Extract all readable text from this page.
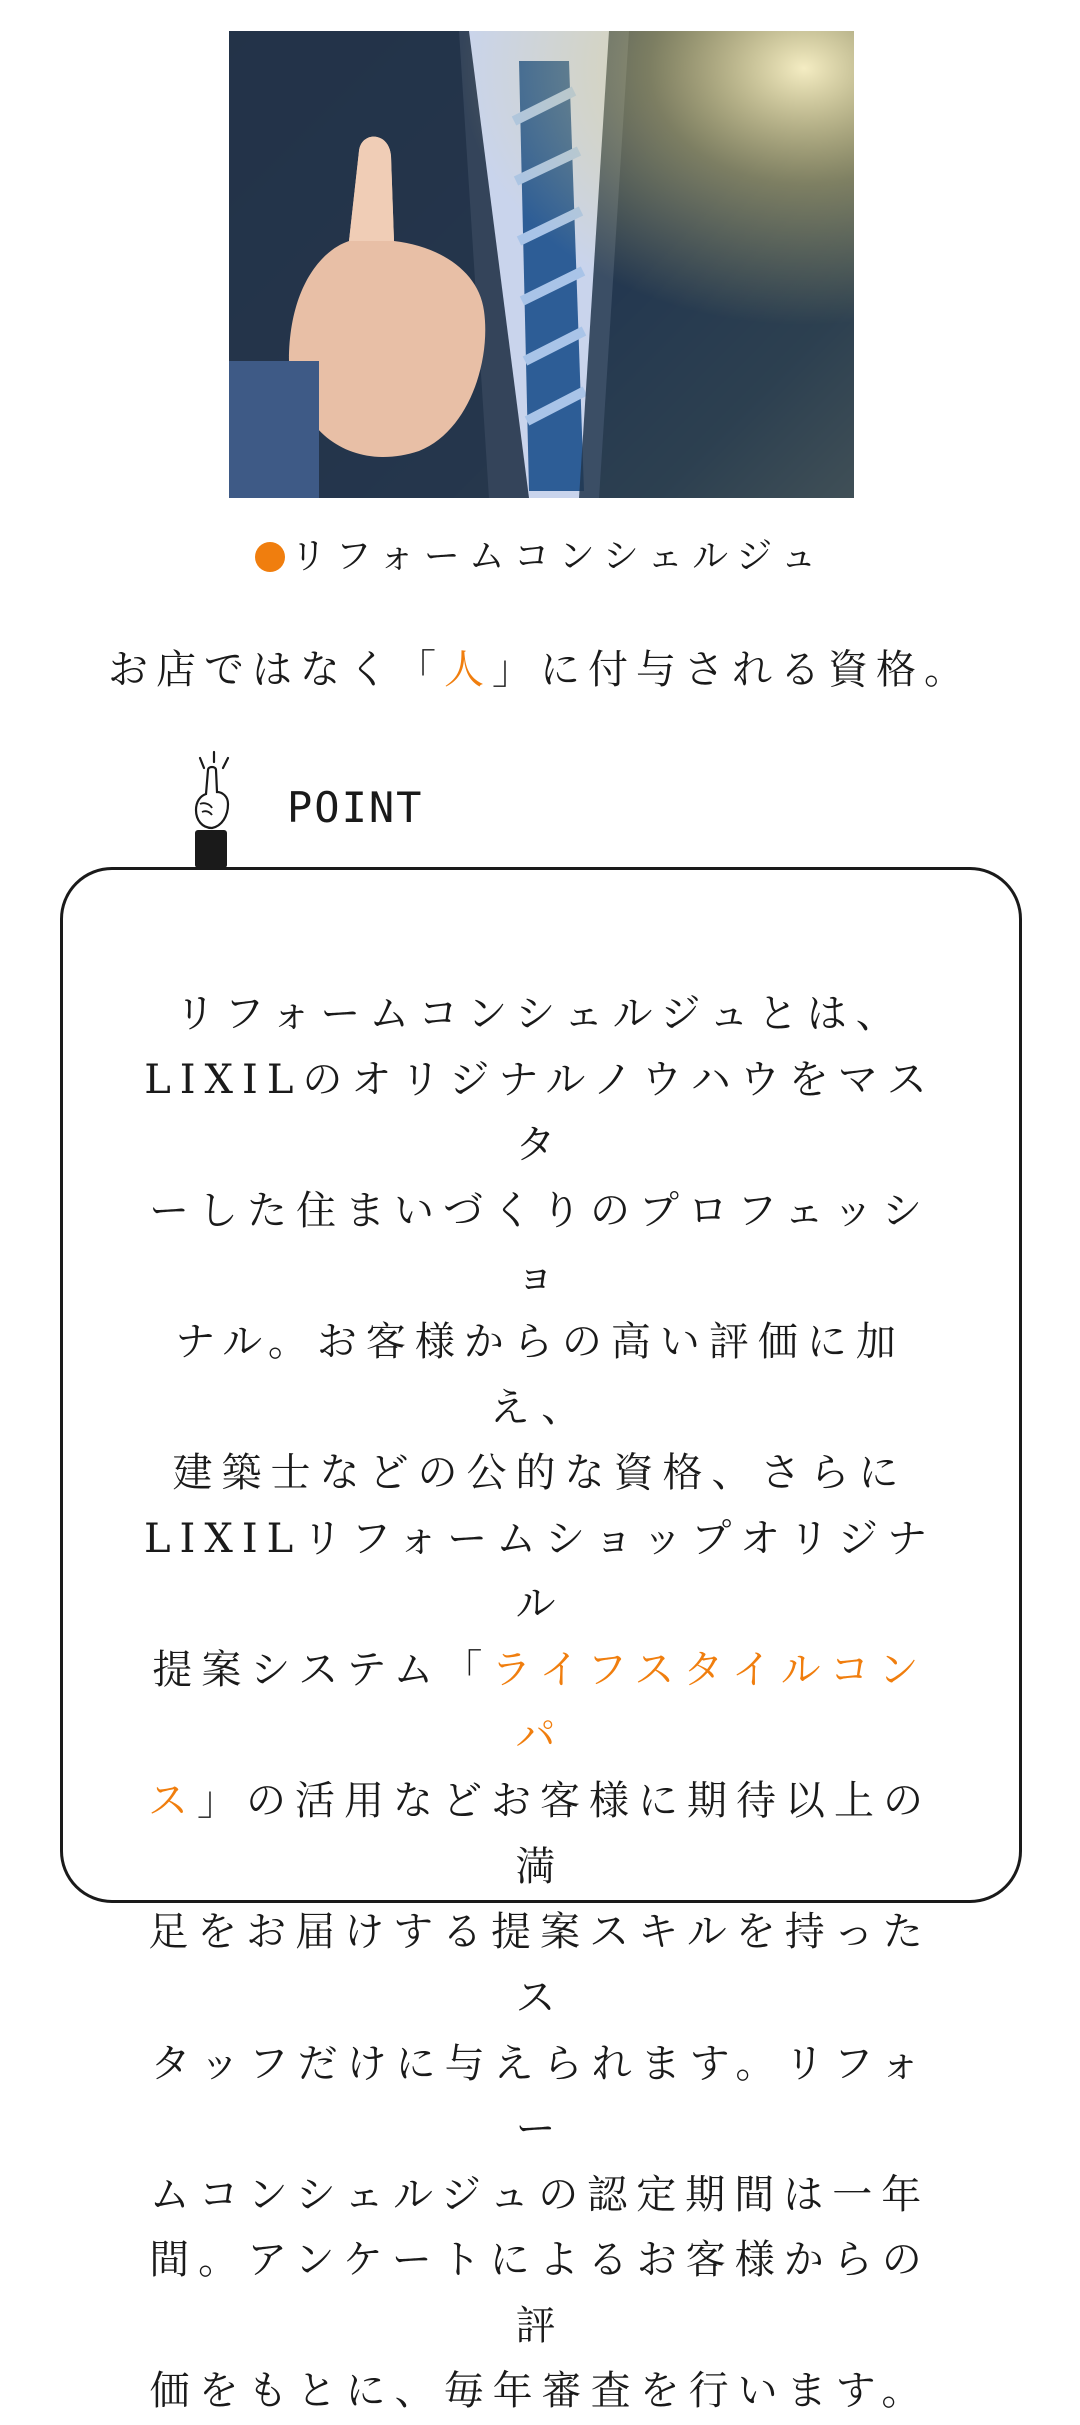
リフォームコンシェルジュ
お店ではなく「人」に付与される資格。
POINT

リフォームコンシェルジュとは、

LIXILのオリジナルノウハウをマスタ

ーした住まいづくりのプロフェッショ

ナル。お客様からの高い評価に加え、

建築士などの公的な資格、さらに

LIXILリフォームショップオリジナル

提案システム「ライフスタイルコンパ

ス」の活用などお客様に期待以上の満

足をお届けする提案スキルを持ったス

タッフだけに与えられます。リフォー

ムコンシェルジュの認定期間は一年

間。アンケートによるお客様からの評

価をもとに、毎年審査を行います。
